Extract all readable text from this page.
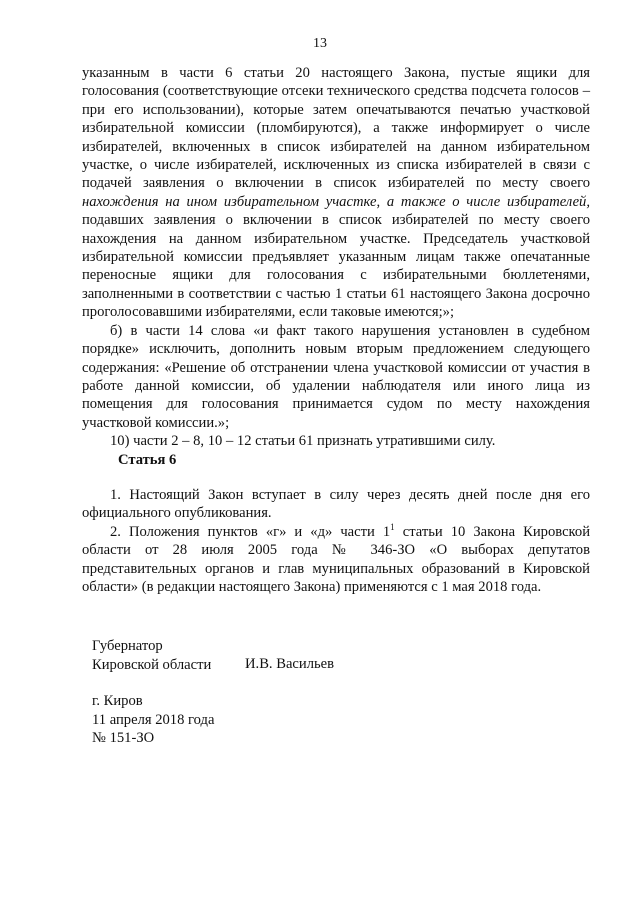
13

указанным в части 6 статьи 20 настоящего Закона, пустые ящики для голосования (соответствующие отсеки технического средства подсчета голосов – при его использовании), которые затем опечатываются печатью участковой избирательной комиссии (пломбируются), а также информирует о числе избирателей, включенных в список избирателей на данном избирательном участке, о числе избирателей, исключенных из списка избирателей в связи с подачей заявления о включении в список избирателей по месту своего нахождения на ином избирательном участке, а также о числе избирателей, подавших заявления о включении в список избирателей по месту своего нахождения на данном избирательном участке. Председатель участковой избирательной комиссии предъявляет указанным лицам также опечатанные переносные ящики для голосования с избирательными бюллетенями, заполненными в соответствии с частью 1 статьи 61 настоящего Закона досрочно проголосовавшими избирателями, если таковые имеются;»;

б) в части 14 слова «и факт такого нарушения установлен в судебном порядке» исключить, дополнить новым вторым предложением следующего содержания: «Решение об отстранении члена участковой комиссии от участия в работе данной комиссии, об удалении наблюдателя или иного лица из помещения для голосования принимается судом по месту нахождения участковой комиссии.»;

10) части 2 – 8, 10 – 12 статьи 61 признать утратившими силу.

Статья 6

1. Настоящий Закон вступает в силу через десять дней после дня его официального опубликования.

2. Положения пунктов «г» и «д» части $1^1$ статьи 10 Закона Кировской области от 28 июля 2005 года № 346-ЗО «О выборах депутатов представительных органов и глав муниципальных образований в Кировской области» (в редакции настоящего Закона) применяются с 1 мая 2018 года.

Губернатор

Кировской области И.В. Васильев

г. Киров

11 апреля 2018 года

№ 151-ЗО
